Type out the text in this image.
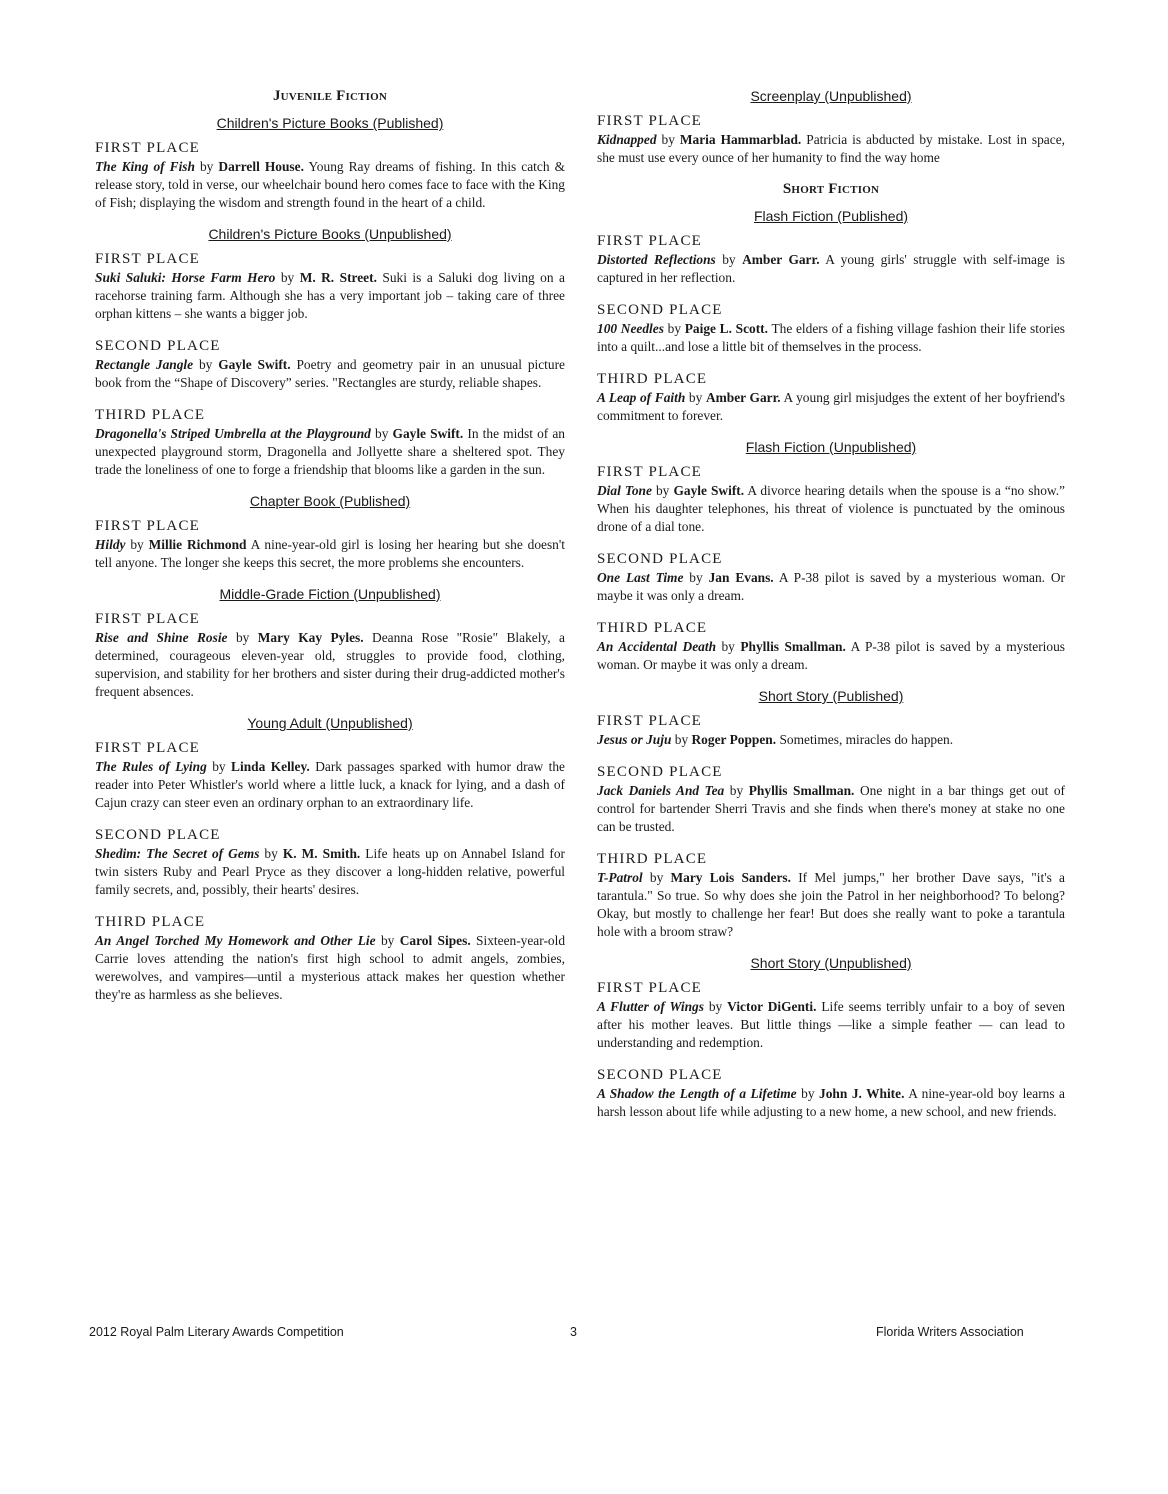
Juvenile Fiction
Children's Picture Books (Published)
FIRST PLACE

The King of Fish by Darrell House. Young Ray dreams of fishing. In this catch & release story, told in verse, our wheelchair bound hero comes face to face with the King of Fish; displaying the wisdom and strength found in the heart of a child.

Children's Picture Books (Unpublished)
FIRST PLACE

Suki Saluki: Horse Farm Hero by M. R. Street. Suki is a Saluki dog living on a racehorse training farm. Although she has a very important job – taking care of three orphan kittens – she wants a bigger job.

SECOND PLACE

Rectangle Jangle by Gayle Swift. Poetry and geometry pair in an unusual picture book from the “Shape of Discovery” series. "Rectangles are sturdy, reliable shapes.

THIRD PLACE

Dragonella's Striped Umbrella at the Playground by Gayle Swift. In the midst of an unexpected playground storm, Dragonella and Jollyette share a sheltered spot. They trade the loneliness of one to forge a friendship that blooms like a garden in the sun.

Chapter Book (Published)
FIRST PLACE

Hildy by Millie Richmond A nine-year-old girl is losing her hearing but she doesn't tell anyone. The longer she keeps this secret, the more problems she encounters.

Middle-Grade Fiction (Unpublished)
FIRST PLACE

Rise and Shine Rosie by Mary Kay Pyles. Deanna Rose "Rosie" Blakely, a determined, courageous eleven-year old, struggles to provide food, clothing, supervision, and stability for her brothers and sister during their drug-addicted mother's frequent absences.

Young Adult (Unpublished)
FIRST PLACE

The Rules of Lying by Linda Kelley. Dark passages sparked with humor draw the reader into Peter Whistler's world where a little luck, a knack for lying, and a dash of Cajun crazy can steer even an ordinary orphan to an extraordinary life.

SECOND PLACE

Shedim: The Secret of Gems by K. M. Smith. Life heats up on Annabel Island for twin sisters Ruby and Pearl Pryce as they discover a long-hidden relative, powerful family secrets, and, possibly, their hearts' desires.

THIRD PLACE

An Angel Torched My Homework and Other Lie by Carol Sipes. Sixteen-year-old Carrie loves attending the nation's first high school to admit angels, zombies, werewolves, and vampires—until a mysterious attack makes her question whether they're as harmless as she believes.

Screenplay (Unpublished)
FIRST PLACE

Kidnapped by Maria Hammarblad. Patricia is abducted by mistake. Lost in space, she must use every ounce of her humanity to find the way home

Short Fiction
Flash Fiction (Published)
FIRST PLACE

Distorted Reflections by Amber Garr. A young girls' struggle with self-image is captured in her reflection.

SECOND PLACE

100 Needles by Paige L. Scott. The elders of a fishing village fashion their life stories into a quilt...and lose a little bit of themselves in the process.

THIRD PLACE

A Leap of Faith by Amber Garr. A young girl misjudges the extent of her boyfriend's commitment to forever.

Flash Fiction (Unpublished)
FIRST PLACE

Dial Tone by Gayle Swift. A divorce hearing details when the spouse is a “no show.” When his daughter telephones, his threat of violence is punctuated by the ominous drone of a dial tone.

SECOND PLACE

One Last Time by Jan Evans. A P-38 pilot is saved by a mysterious woman. Or maybe it was only a dream.

THIRD PLACE

An Accidental Death by Phyllis Smallman. A P-38 pilot is saved by a mysterious woman. Or maybe it was only a dream.

Short Story (Published)
FIRST PLACE

Jesus or Juju by Roger Poppen. Sometimes, miracles do happen.

SECOND PLACE

Jack Daniels And Tea by Phyllis Smallman. One night in a bar things get out of control for bartender Sherri Travis and she finds when there's money at stake no one can be trusted.

THIRD PLACE

T-Patrol by Mary Lois Sanders. If Mel jumps," her brother Dave says, "it's a tarantula." So true. So why does she join the Patrol in her neighborhood? To belong? Okay, but mostly to challenge her fear! But does she really want to poke a tarantula hole with a broom straw?

Short Story (Unpublished)
FIRST PLACE

A Flutter of Wings by Victor DiGenti. Life seems terribly unfair to a boy of seven after his mother leaves. But little things —like a simple feather — can lead to understanding and redemption.

SECOND PLACE

A Shadow the Length of a Lifetime by John J. White. A nine-year-old boy learns a harsh lesson about life while adjusting to a new home, a new school, and new friends.

2012 Royal Palm Literary Awards Competition	3	Florida Writers Association
